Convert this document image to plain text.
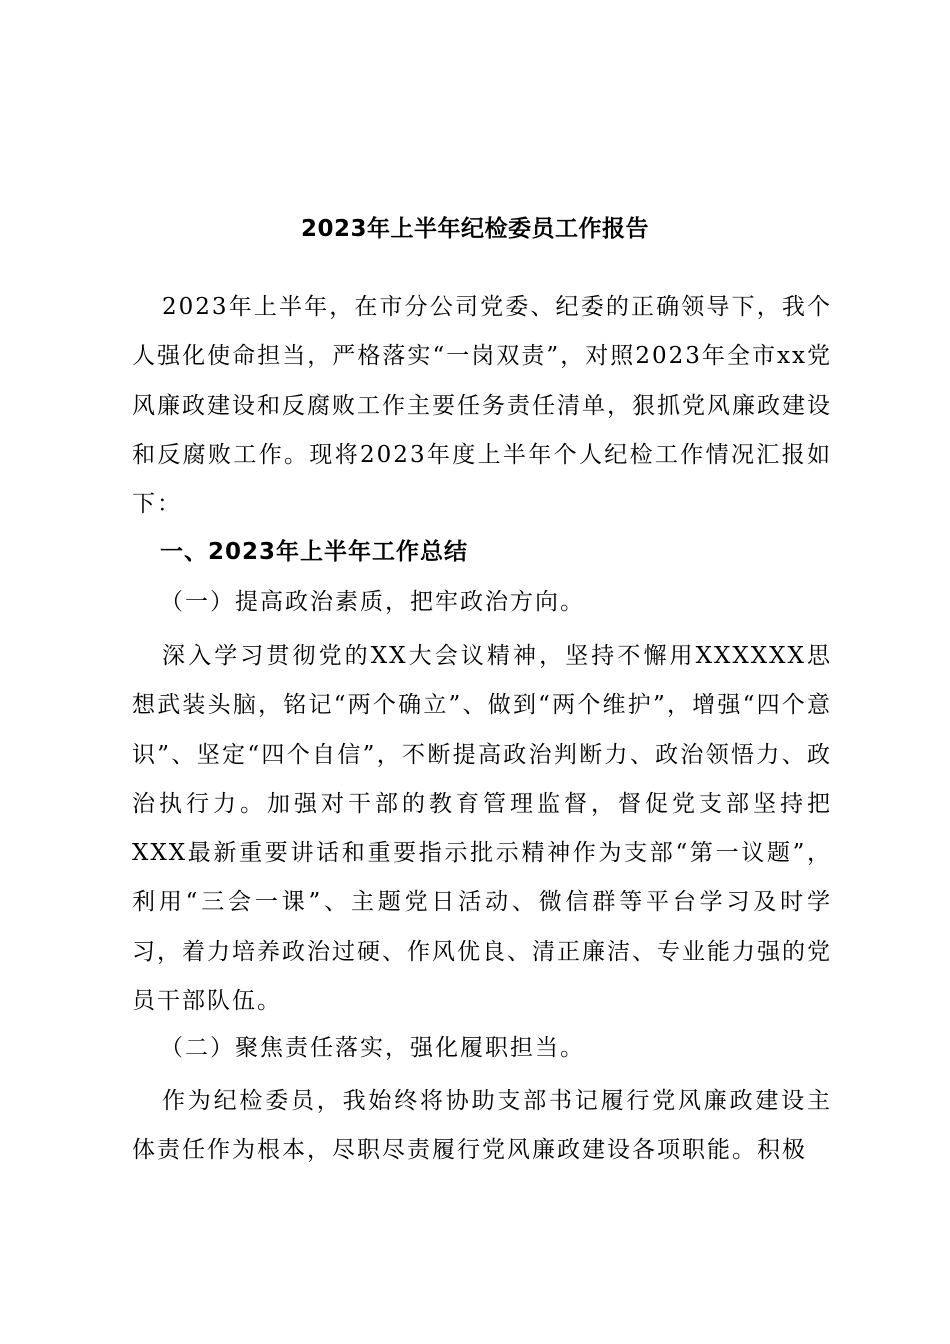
2023年上半年纪检委员工作报告
2023年上半年，在市分公司党委、纪委的正确领导下，我个人强化使命担当，严格落实“一岗双责”，对照2023年全市xx党风廉政建设和反腐败工作主要任务责任清单，狠抓党风廉政建设和反腐败工作。现将2023年度上半年个人纪检工作情况汇报如下：
一、2023年上半年工作总结
（一）提高政治素质，把牢政治方向。
深入学习贯彻党的XX大会议精神，坚持不懈用XXXXXX思想武装头脑，铭记“两个确立”、做到“两个维护”，增强“四个意识”、坚定“四个自信”，不断提高政治判断力、政治领悟力、政治执行力。加强对干部的教育管理监督，督促党支部坚持把XXX最新重要讲话和重要指示批示精神作为支部“第一议题”，利用“三会一课”、主题党日活动、微信群等平台学习及时学习，着力培养政治过硬、作风优良、清正廉洁、专业能力强的党员干部队伍。
（二）聚焦责任落实，强化履职担当。
作为纪检委员，我始终将协助支部书记履行党风廉政建设主体责任作为根本，尽职尽责履行党风廉政建设各项职能。积极
